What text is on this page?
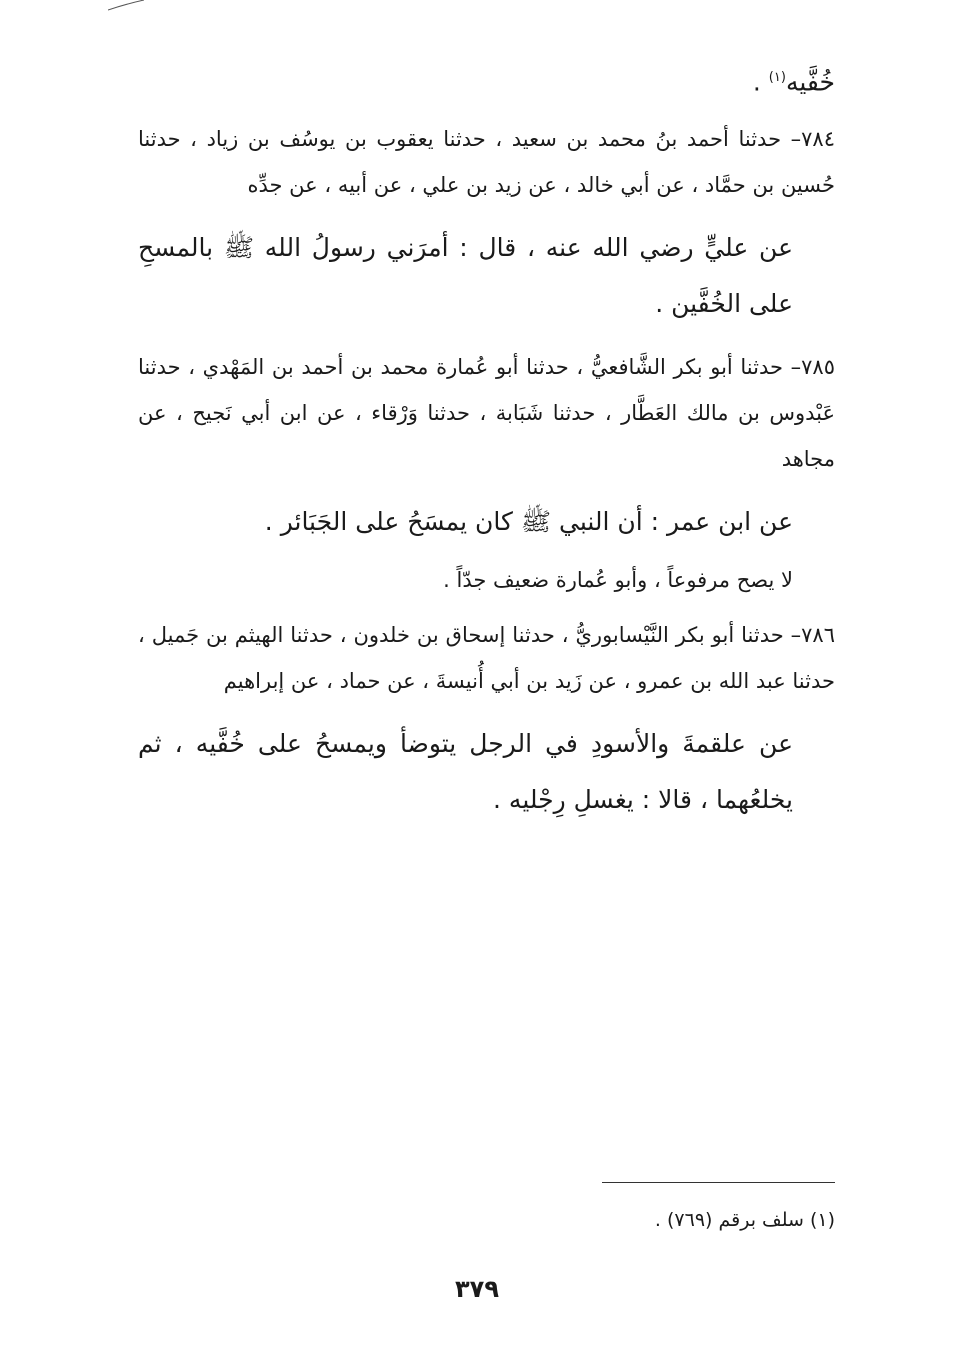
خُفَّيه$^{(١)}$ .

٧٨٤– حدثنا أحمد بنُ محمد بن سعيد ، حدثنا يعقوب بن يوسُف بن زياد ، حدثنا حُسين بن حمَّاد ، عن أبي خالد ، عن زيد بن علي ، عن أبيه ، عن جدِّه

عن عليٍّ رضي الله عنه ، قال : أمرَني رسولُ الله ﷺ بالمسحِ على الخُفَّين .

٧٨٥– حدثنا أبو بكر الشَّافعيُّ ، حدثنا أبو عُمارة محمد بن أحمد بن المَهْدي ، حدثنا عَبْدوس بن مالك العَطَّار ، حدثنا شَبَابة ، حدثنا وَرْقاء ، عن ابن أبي نَجيح ، عن مجاهد

عن ابن عمر : أن النبي ﷺ كان يمسَحُ على الجَبَائر .

لا يصح مرفوعاً ، وأبو عُمارة ضعيف جدّاً .

٧٨٦– حدثنا أبو بكر النَّيْسابوريُّ ، حدثنا إسحاق بن خلدون ، حدثنا الهيثم بن جَميل ، حدثنا عبد الله بن عمرو ، عن زَيد بن أبي أُنيسةَ ، عن حماد ، عن إبراهيم

عن علقمةَ والأسودِ في الرجل يتوضأ ويمسحُ على خُفَّيه ، ثم يخلعُهما ، قالا : يغسلِ رِجْليه .

(١) سلف برقم (٧٦٩) .
٣٧٩
